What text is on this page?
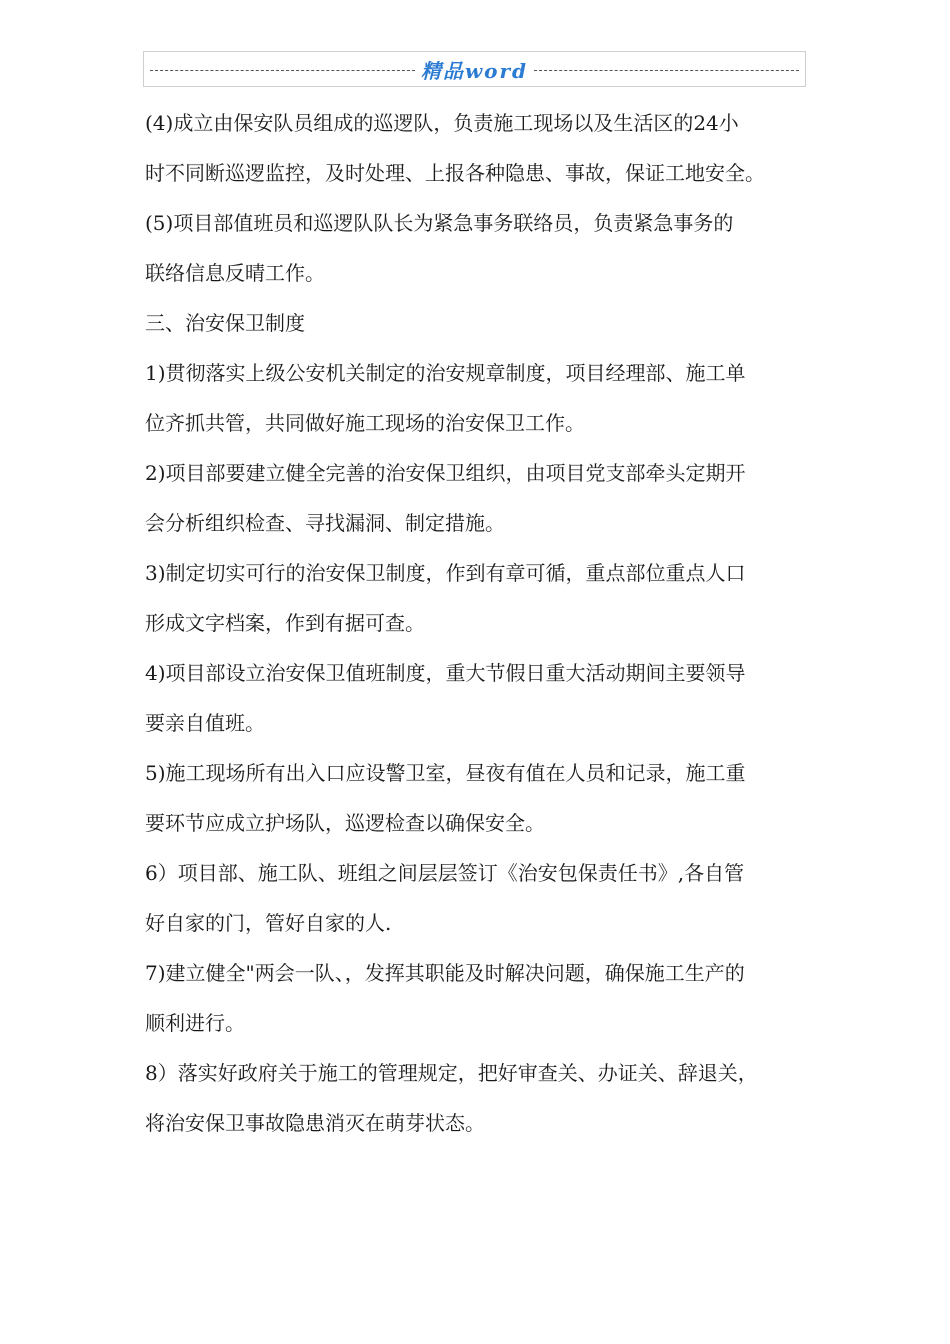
精品word
(4)成立由保安队员组成的巡逻队，负责施工现场以及生活区的24小
时不同断巡逻监控，及时处理、上报各种隐患、事故，保证工地安全。
(5)项目部值班员和巡逻队队长为紧急事务联络员，负责紧急事务的
联络信息反晴工作。
三、治安保卫制度
1)贯彻落实上级公安机关制定的治安规章制度，项目经理部、施工单
位齐抓共管，共同做好施工现场的治安保卫工作。
2)项目部要建立健全完善的治安保卫组织，由项目党支部牵头定期开
会分析组织检查、寻找漏洞、制定措施。
3)制定切实可行的治安保卫制度，作到有章可循，重点部位重点人口
形成文字档案，作到有据可查。
4)项目部设立治安保卫值班制度，重大节假日重大活动期间主要领导
要亲自值班。
5)施工现场所有出入口应设警卫室，昼夜有值在人员和记录，施工重
要环节应成立护场队，巡逻检查以确保安全。
6）项目部、施工队、班组之间层层签订《治安包保责任书》,各自管
好自家的门，管好自家的人.
7)建立健全"两会一队、，发挥其职能及时解决问题，确保施工生产的
顺利进行。
8）落实好政府关于施工的管理规定，把好审查关、办证关、辞退关，
将治安保卫事故隐患消灭在萌芽状态。
